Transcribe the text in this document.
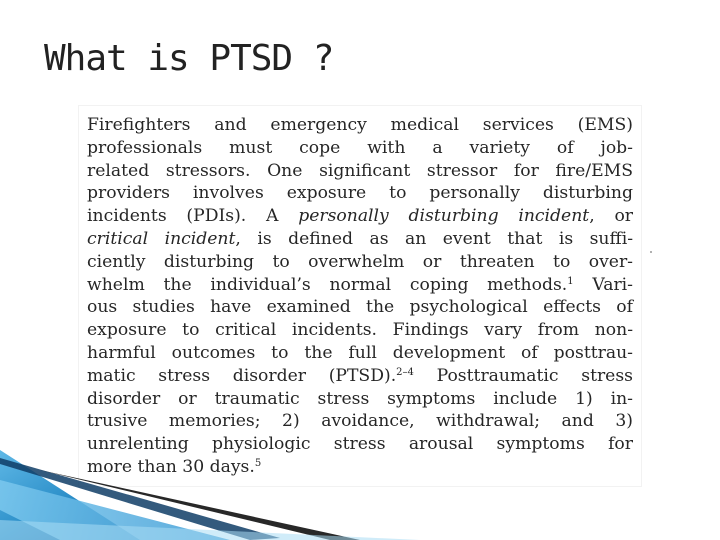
What is PTSD ?
Firefighters and emergency medical services (EMS)
professionals must cope with a variety of job-
related stressors. One significant stressor for fire/EMS
providers involves exposure to personally disturbing
incidents (PDIs). A personally disturbing incident, or
critical incident, is defined as an event that is suffi-
ciently disturbing to overwhelm or threaten to over-
whelm the individual’s normal coping methods.$^1$ Vari-
ous studies have examined the psychological effects of
exposure to critical incidents. Findings vary from non-
harmful outcomes to the full development of posttrau-
matic stress disorder (PTSD).$^{2-4}$ Posttraumatic stress
disorder or traumatic stress symptoms include 1) in-
trusive memories; 2) avoidance, withdrawal; and 3)
unrelenting physiologic stress arousal symptoms for
more than 30 days.$^5$
